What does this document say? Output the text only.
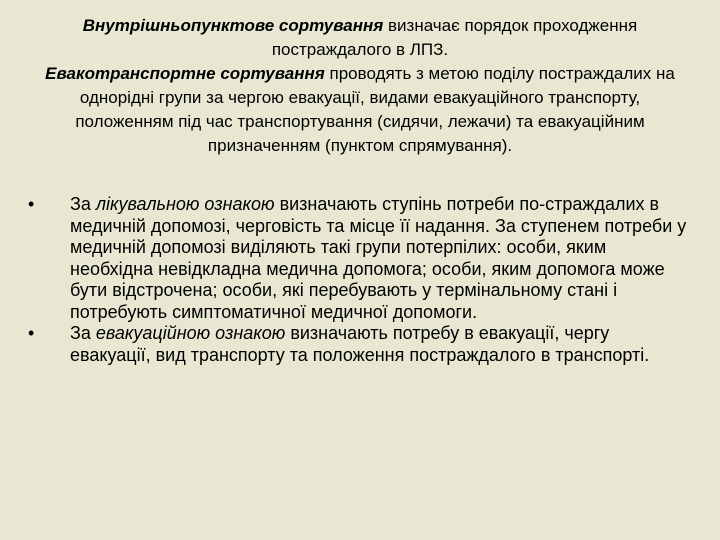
Внутрішньопунктове сортування визначає порядок проходження постраждалого в ЛПЗ.

Евакотранспортне сортування проводять з метою поділу постраждалих на однорідні групи за чергою евакуації, видами евакуаційного транспорту, положенням під час транспортування (сидячи, лежачи) та евакуаційним призначенням (пунктом спрямування).

•	За лікувальною ознакою визначають ступінь потреби по-страждалих в медичній допомозі, черговість та місце її надання. За ступенем потреби у медичній допомозі виділяють такі групи потерпілих: особи, яким необхідна невідкладна медична допомога; особи, яким допомога може бути відстрочена; особи, які перебувають у термінальному стані і потребують симптоматичної медичної допомоги.
•	За евакуаційною ознакою визначають потребу в евакуації, чергу евакуації, вид транспорту та положення постраждалого в транспорті.
